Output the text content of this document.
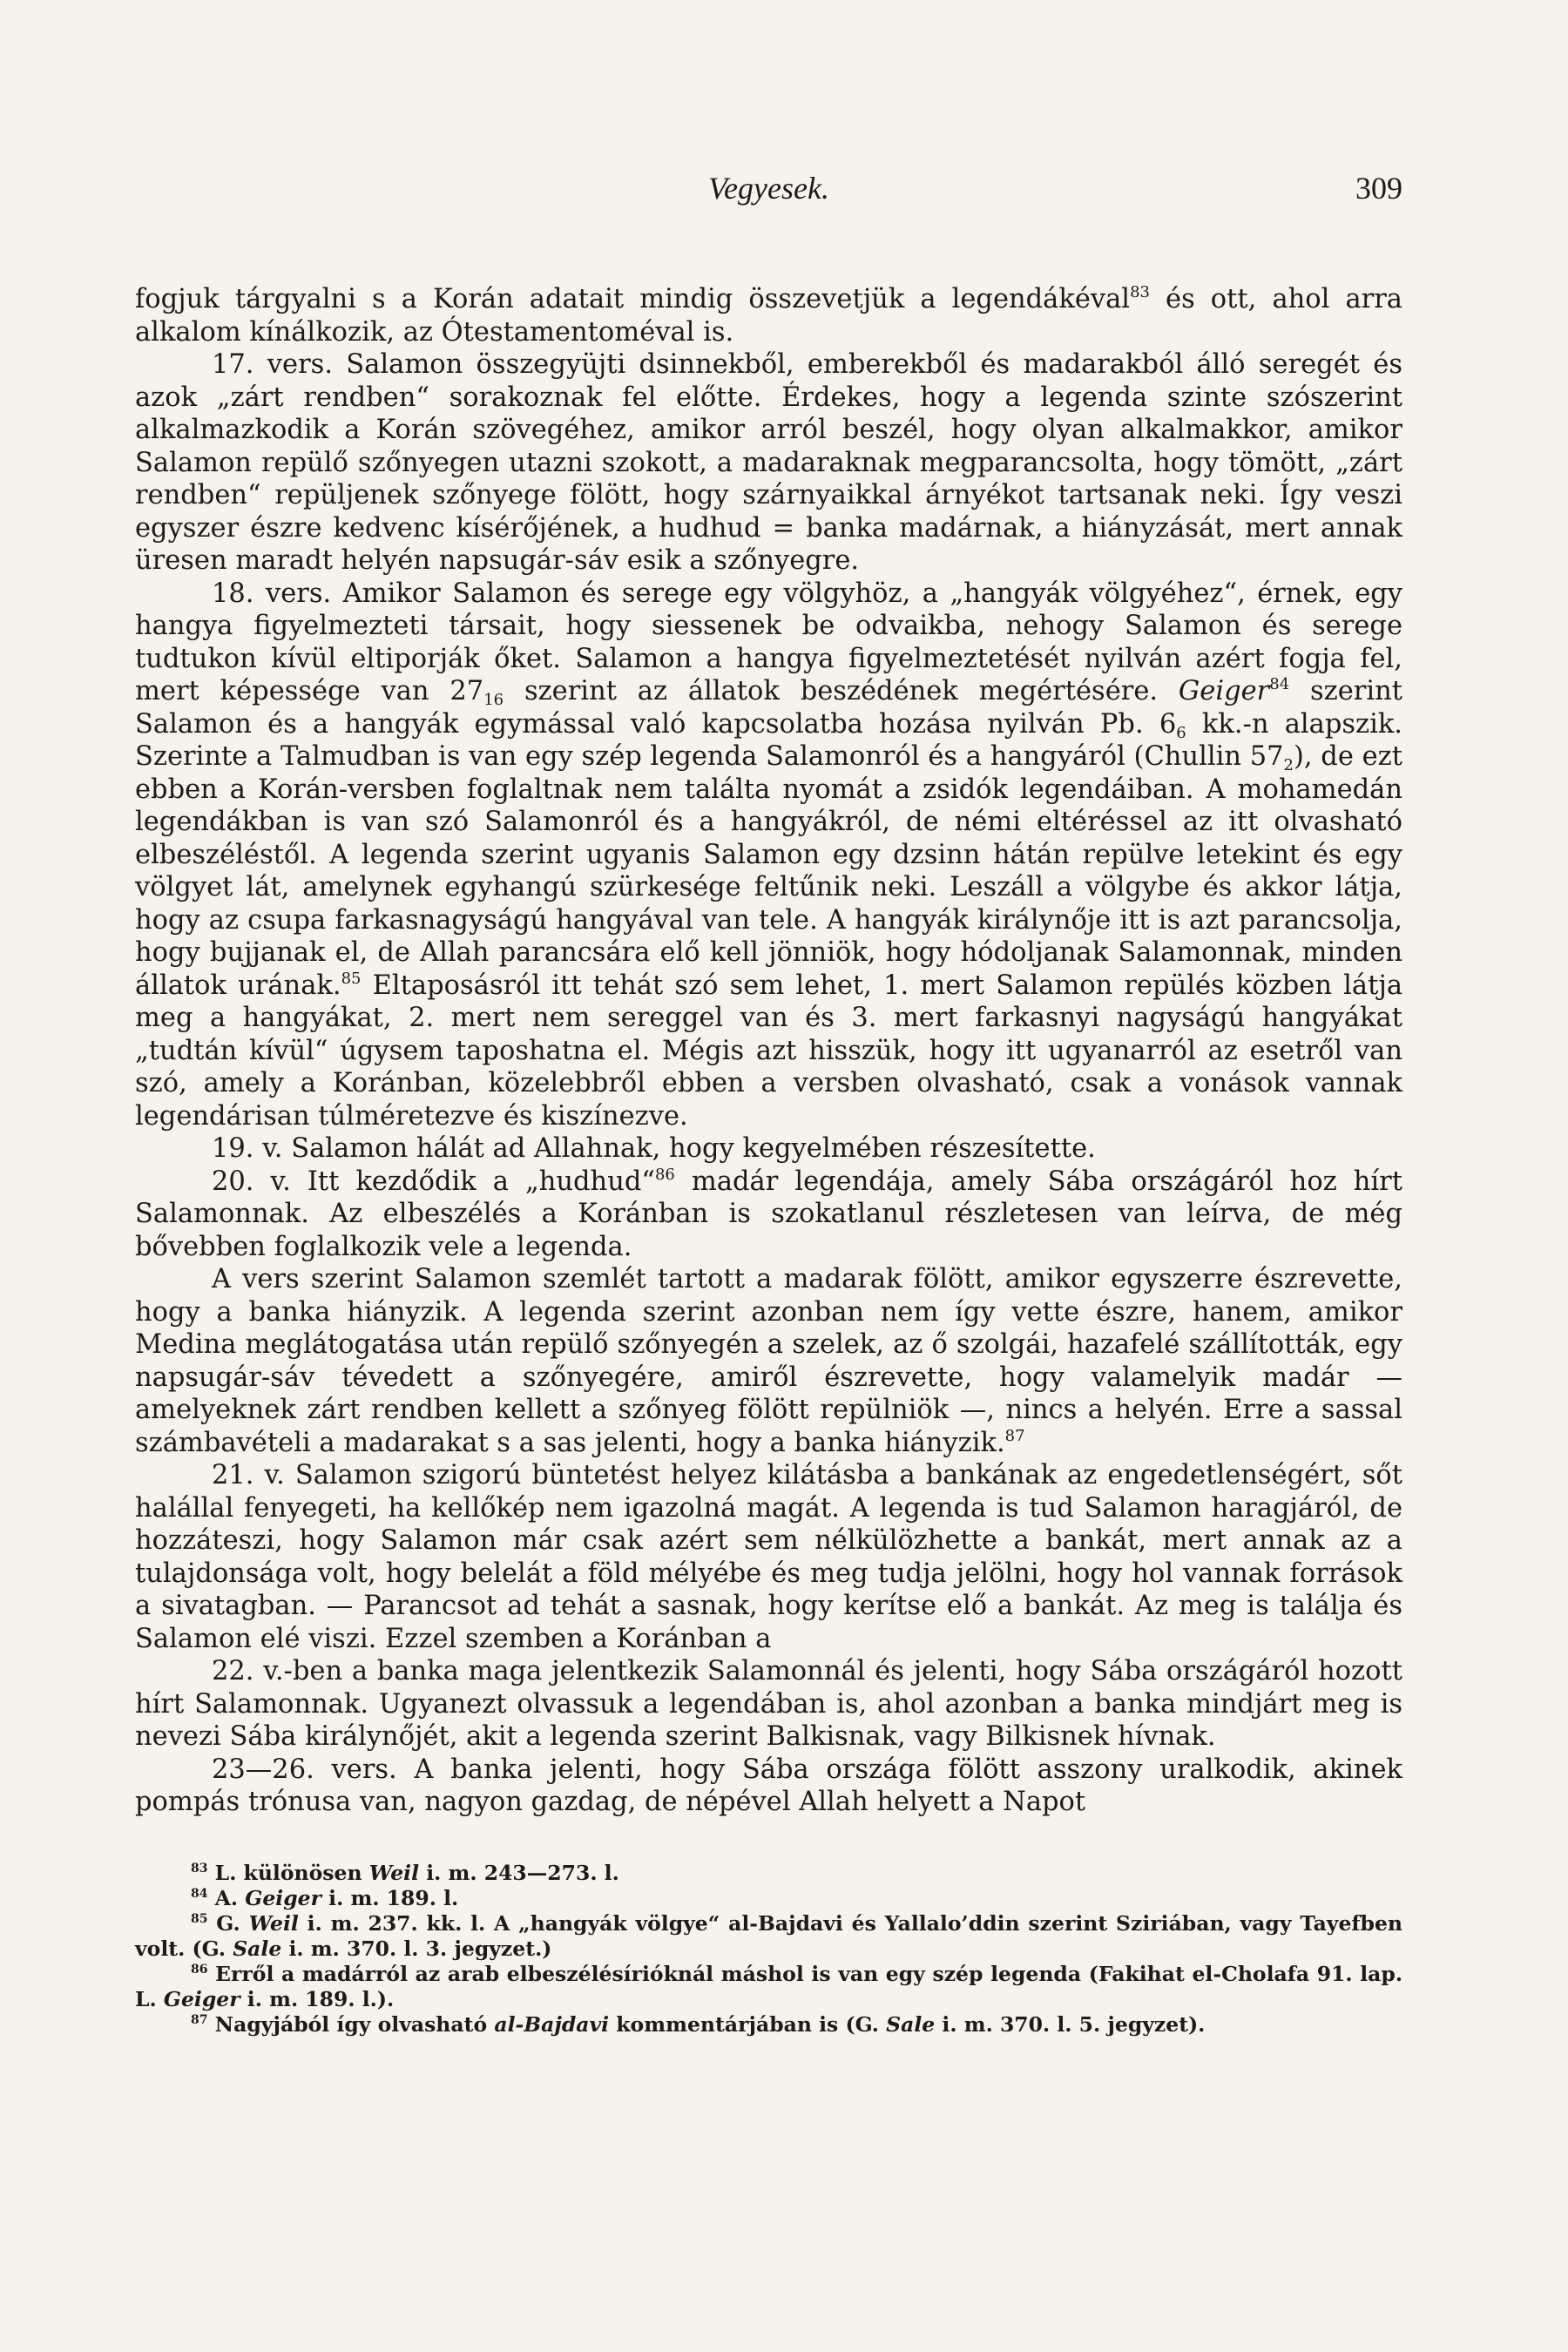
Vegyesek.	309

fogjuk tárgyalni s a Korán adatait mindig összevetjük a legendákéval$^{83}$ és ott, ahol arra alkalom kínálkozik, az Ótestamentoméval is.

17. vers. Salamon összegyüjti dsinnekből, emberekből és madarakból álló seregét és azok „zárt rendben“ sorakoznak fel előtte. Érdekes, hogy a legenda szinte szószerint alkalmazkodik a Korán szövegéhez, amikor arról beszél, hogy olyan alkalmakkor, amikor Salamon repülő szőnyegen utazni szokott, a madaraknak megparancsolta, hogy tömött, „zárt rendben“ repüljenek szőnyege fölött, hogy szárnyaikkal árnyékot tartsanak neki. Így veszi egyszer észre kedvenc kísérőjének, a hudhud = banka madárnak, a hiányzását, mert annak üresen maradt helyén napsugár-sáv esik a szőnyegre.

18. vers. Amikor Salamon és serege egy völgyhöz, a „hangyák völgyéhez“, érnek, egy hangya figyelmezteti társait, hogy siessenek be odvaikba, nehogy Salamon és serege tudtukon kívül eltiporják őket. Salamon a hangya figyelmeztetését nyilván azért fogja fel, mert képessége van $27_{16}$ szerint az állatok beszédének megértésére. Geiger$^{84}$ szerint Salamon és a hangyák egymással való kapcsolatba hozása nyilván Pb. $6_6$ kk.-n alapszik. Szerinte a Talmudban is van egy szép legenda Salamonról és a hangyáról (Chullin $57_2$), de ezt ebben a Korán-versben foglaltnak nem találta nyomát a zsidók legendáiban. A mohamedán legendákban is van szó Salamonról és a hangyákról, de némi eltéréssel az itt olvasható elbeszéléstől. A legenda szerint ugyanis Salamon egy dzsinn hátán repülve letekint és egy völgyet lát, amelynek egyhangú szürkesége feltűnik neki. Leszáll a völgybe és akkor látja, hogy az csupa farkasnagyságú hangyával van tele. A hangyák királynője itt is azt parancsolja, hogy bujjanak el, de Allah parancsára elő kell jönniök, hogy hódoljanak Salamonnak, minden állatok urának.$^{85}$ Eltaposásról itt tehát szó sem lehet, 1. mert Salamon repülés közben látja meg a hangyákat, 2. mert nem sereggel van és 3. mert farkasnyi nagyságú hangyákat „tudtán kívül“ úgysem taposhatna el. Mégis azt hisszük, hogy itt ugyanarról az esetről van szó, amely a Koránban, közelebbről ebben a versben olvasható, csak a vonások vannak legendárisan túlméretezve és kiszínezve.

19. v. Salamon hálát ad Allahnak, hogy kegyelmében részesítette.

20. v. Itt kezdődik a „hudhud“$^{86}$ madár legendája, amely Sába országáról hoz hírt Salamonnak. Az elbeszélés a Koránban is szokatlanul részletesen van leírva, de még bővebben foglalkozik vele a legenda.

A vers szerint Salamon szemlét tartott a madarak fölött, amikor egyszerre észrevette, hogy a banka hiányzik. A legenda szerint azonban nem így vette észre, hanem, amikor Medina meglátogatása után repülő szőnyegén a szelek, az ő szolgái, hazafelé szállították, egy napsugár-sáv tévedett a szőnyegére, amiről észrevette, hogy valamelyik madár — amelyeknek zárt rendben kellett a szőnyeg fölött repülniök —, nincs a helyén. Erre a sassal számbavételi a madarakat s a sas jelenti, hogy a banka hiányzik.$^{87}$

21. v. Salamon szigorú büntetést helyez kilátásba a bankának az engedetlenségért, sőt halállal fenyegeti, ha kellőkép nem igazolná magát. A legenda is tud Salamon haragjáról, de hozzáteszi, hogy Salamon már csak azért sem nélkülözhette a bankát, mert annak az a tulajdonsága volt, hogy belelát a föld mélyébe és meg tudja jelölni, hogy hol vannak források a sivatagban. — Parancsot ad tehát a sasnak, hogy kerítse elő a bankát. Az meg is találja és Salamon elé viszi. Ezzel szemben a Koránban a

22. v.-ben a banka maga jelentkezik Salamonnál és jelenti, hogy Sába országáról hozott hírt Salamonnak. Ugyanezt olvassuk a legendában is, ahol azonban a banka mindjárt meg is nevezi Sába királynőjét, akit a legenda szerint Balkisnak, vagy Bilkisnek hívnak.

23—26. vers. A banka jelenti, hogy Sába országa fölött asszony uralkodik, akinek pompás trónusa van, nagyon gazdag, de népével Allah helyett a Napot

$^{83}$ L. különösen Weil i. m. 243—273. l.

$^{84}$ A. Geiger i. m. 189. l.

$^{85}$ G. Weil i. m. 237. kk. l. A „hangyák völgye“ al-Bajdavi és Yallalo’ddin szerint Sziriában, vagy Tayefben volt. (G. Sale i. m. 370. l. 3. jegyzet.)

$^{86}$ Erről a madárról az arab elbeszélésírióknál máshol is van egy szép legenda (Fakihat el-Cholafa 91. lap. L. Geiger i. m. 189. l.).

$^{87}$ Nagyjából így olvasható al-Bajdavi kommentárjában is (G. Sale i. m. 370. l. 5. jegyzet).
